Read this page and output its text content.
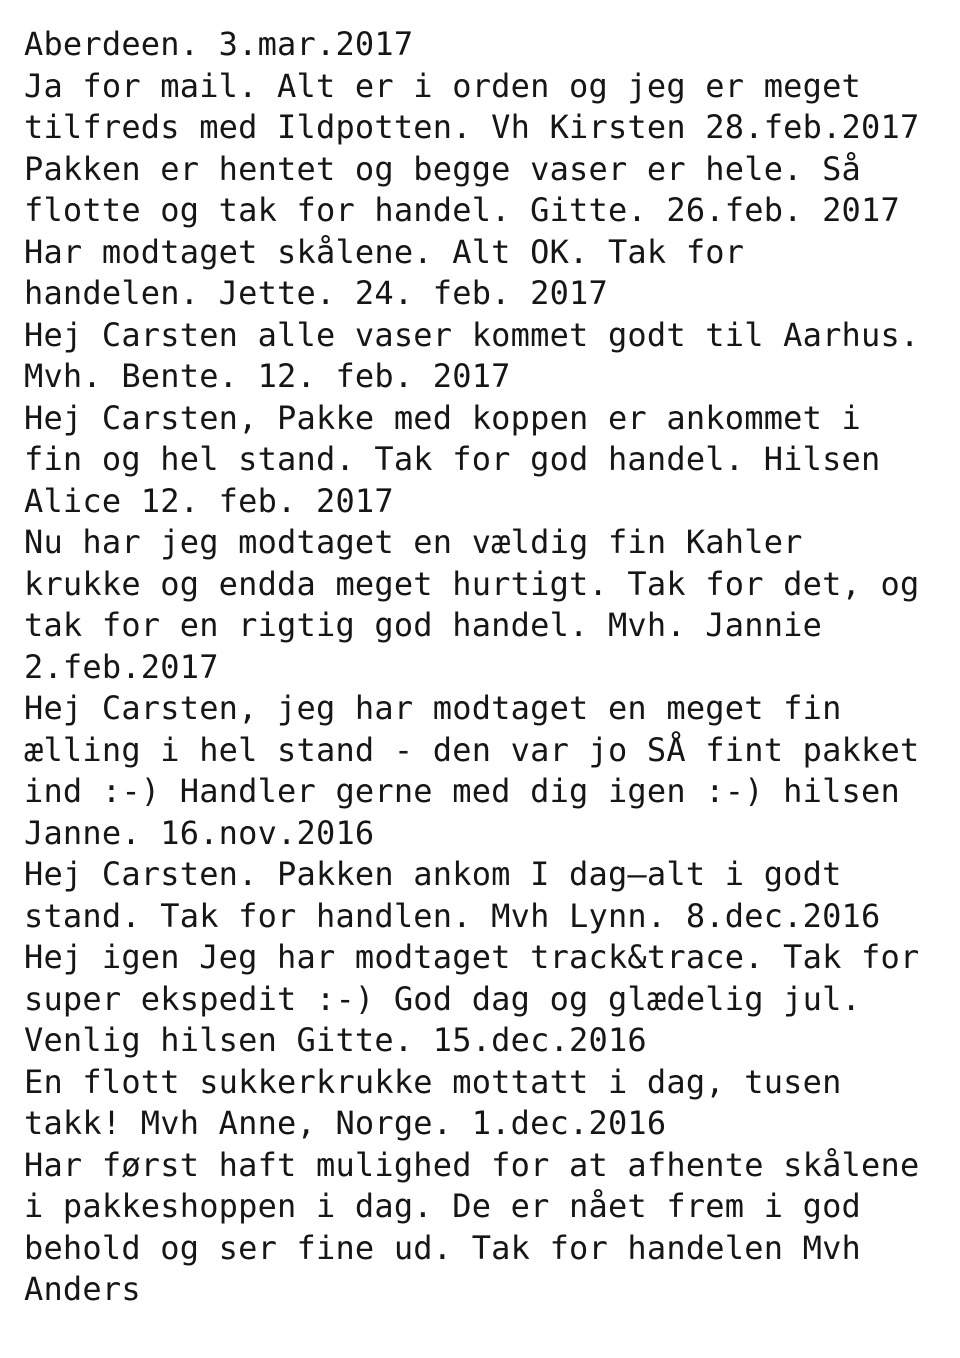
Aberdeen. 3.mar.2017
Ja for mail. Alt er i orden og jeg er meget
tilfreds med Ildpotten. Vh Kirsten 28.feb.2017
Pakken er hentet og begge vaser er hele. Så
flotte og tak for handel. Gitte. 26.feb. 2017
Har modtaget skålene. Alt OK. Tak for
handelen. Jette. 24. feb. 2017
Hej Carsten alle vaser kommet godt til Aarhus.
Mvh. Bente. 12. feb. 2017
Hej Carsten, Pakke med koppen er ankommet i
fin og hel stand. Tak for god handel. Hilsen
Alice 12. feb. 2017
Nu har jeg modtaget en vældig fin Kahler
krukke og endda meget hurtigt. Tak for det, og
tak for en rigtig god handel. Mvh. Jannie
2.feb.2017
Hej Carsten, jeg har modtaget en meget fin
ælling i hel stand - den var jo SÅ fint pakket
ind :-) Handler gerne med dig igen :-) hilsen
Janne. 16.nov.2016
Hej Carsten. Pakken ankom I dag—alt i godt
stand. Tak for handlen. Mvh Lynn. 8.dec.2016
Hej igen Jeg har modtaget track&trace. Tak for
super ekspedit :-) God dag og glædelig jul.
Venlig hilsen Gitte. 15.dec.2016
En flott sukkerkrukke mottatt i dag, tusen
takk! Mvh Anne, Norge. 1.dec.2016
Har først haft mulighed for at afhente skålene
i pakkeshoppen i dag. De er nået frem i god
behold og ser fine ud. Tak for handelen Mvh
Anders
